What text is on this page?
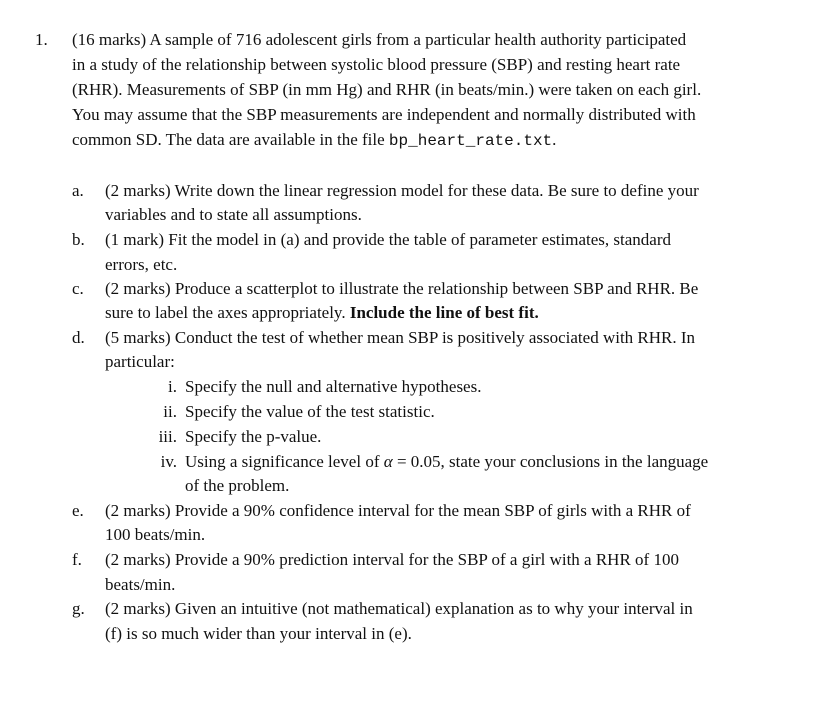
1. (16 marks) A sample of 716 adolescent girls from a particular health authority participated
in a study of the relationship between systolic blood pressure (SBP) and resting heart rate
(RHR). Measurements of SBP (in mm Hg) and RHR (in beats/min.) were taken on each girl.
You may assume that the SBP measurements are independent and normally distributed with
common SD. The data are available in the file bp_heart_rate.txt.
a. (2 marks) Write down the linear regression model for these data. Be sure to define your
variables and to state all assumptions.
b. (1 mark) Fit the model in (a) and provide the table of parameter estimates, standard
errors, etc.
c. (2 marks) Produce a scatterplot to illustrate the relationship between SBP and RHR. Be
sure to label the axes appropriately. Include the line of best fit.
d. (5 marks) Conduct the test of whether mean SBP is positively associated with RHR. In
particular:
i. Specify the null and alternative hypotheses.
ii. Specify the value of the test statistic.
iii. Specify the p-value.
iv. Using a significance level of α = 0.05, state your conclusions in the language
of the problem.
e. (2 marks) Provide a 90% confidence interval for the mean SBP of girls with a RHR of
100 beats/min.
f. (2 marks) Provide a 90% prediction interval for the SBP of a girl with a RHR of 100
beats/min.
g. (2 marks) Given an intuitive (not mathematical) explanation as to why your interval in
(f) is so much wider than your interval in (e).
